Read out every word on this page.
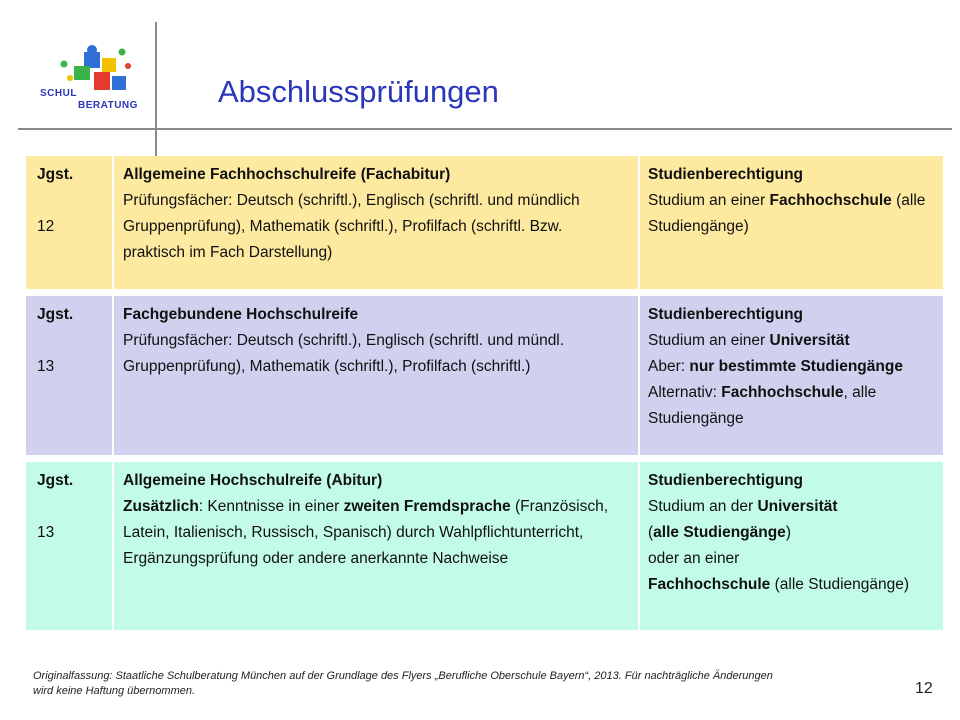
SCHUL
BERATUNG	Abschlussprüfungen
Jgst.
12
Allgemeine Fachhochschulreife (Fachabitur)
Prüfungsfächer: Deutsch (schriftl.), Englisch (schriftl. und mündlich Gruppenprüfung), Mathematik (schriftl.), Profilfach (schriftl. Bzw. praktisch im Fach Darstellung)
Studienberechtigung
Studium an einer Fachhochschule (alle Studiengänge)
Jgst.
13
Fachgebundene Hochschulreife
Prüfungsfächer: Deutsch (schriftl.), Englisch (schriftl. und mündl. Gruppenprüfung), Mathematik (schriftl.), Profilfach (schriftl.)
Studienberechtigung
Studium an einer Universität
Aber: nur bestimmte Studiengänge
Alternativ: Fachhochschule, alle Studiengänge
Jgst.
13
Allgemeine Hochschulreife (Abitur)
Zusätzlich: Kenntnisse in einer zweiten Fremdsprache (Französisch, Latein, Italienisch, Russisch, Spanisch) durch Wahlpflichtunterricht, Ergänzungsprüfung oder andere anerkannte Nachweise
Studienberechtigung
Studium an der Universität
(alle Studiengänge)
oder an einer
Fachhochschule (alle Studiengänge)
Originalfassung: Staatliche Schulberatung München auf der Grundlage des Flyers „Berufliche Oberschule Bayern“, 2013. Für nachträgliche Änderungen wird keine Haftung übernommen.	12
